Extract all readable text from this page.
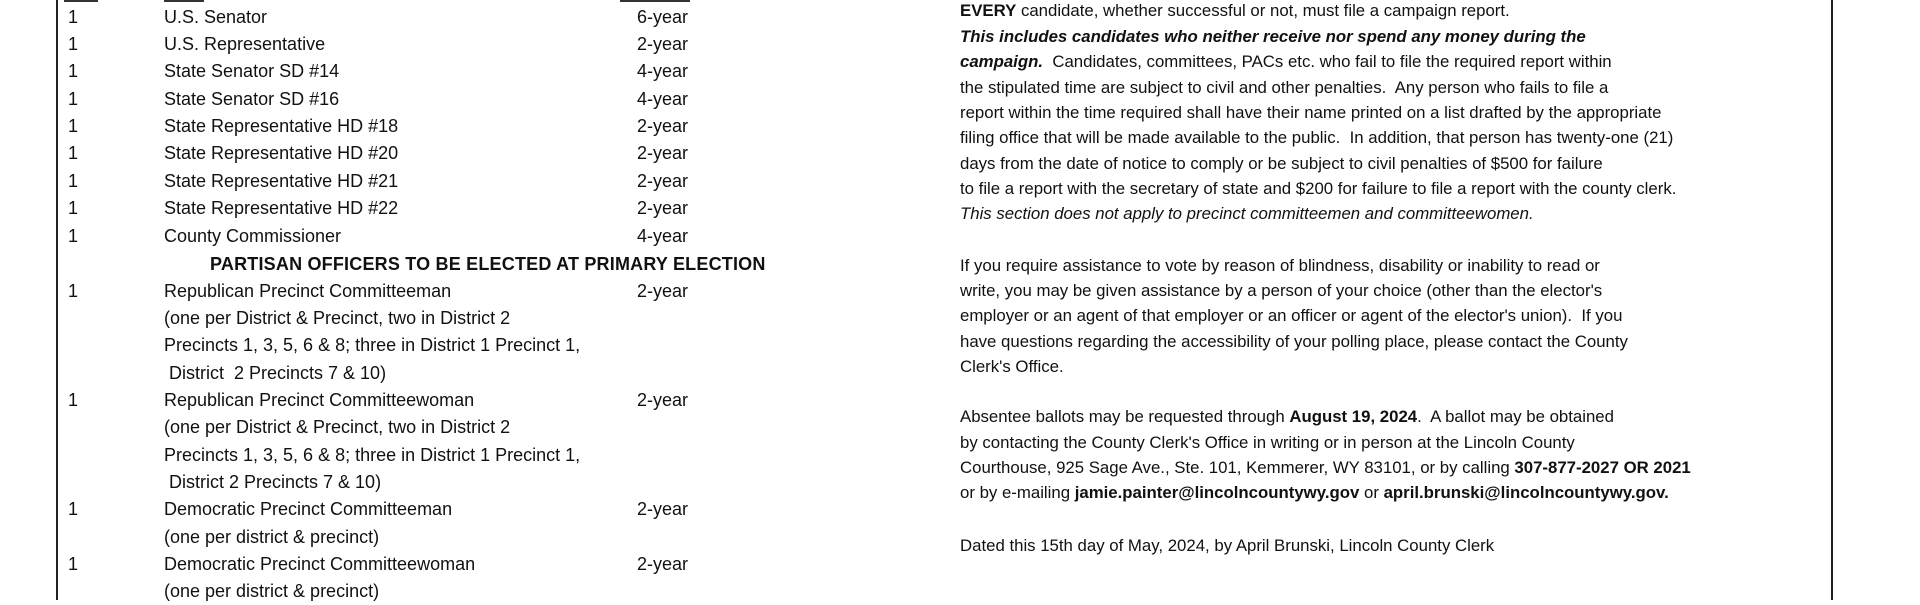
1	U.S. Senator	6-year
1	U.S. Representative	2-year
1	State Senator SD #14	4-year
1	State Senator SD #16	4-year
1	State Representative HD #18	2-year
1	State Representative HD #20	2-year
1	State Representative HD #21	2-year
1	State Representative HD #22	2-year
1	County Commissioner	4-year
PARTISAN OFFICERS TO BE ELECTED AT PRIMARY ELECTION
1	Republican Precinct Committeeman	2-year
(one per District & Precinct, two in District 2
Precincts 1, 3, 5, 6 & 8; three in District 1 Precinct 1,
District  2 Precincts 7 & 10)
1	Republican Precinct Committeewoman	2-year
(one per District & Precinct, two in District 2
Precincts 1, 3, 5, 6 & 8; three in District 1 Precinct 1,
District 2 Precincts 7 & 10)
1	Democratic Precinct Committeeman	2-year
(one per district & precinct)
1	Democratic Precinct Committeewoman	2-year
(one per district & precinct)
EVERY candidate, whether successful or not, must file a campaign report.
This includes candidates who neither receive nor spend any money during the
campaign.  Candidates, committees, PACs etc. who fail to file the required report within
the stipulated time are subject to civil and other penalties.  Any person who fails to file a
report within the time required shall have their name printed on a list drafted by the appropriate
filing office that will be made available to the public.  In addition, that person has twenty-one (21)
days from the date of notice to comply or be subject to civil penalties of $500 for failure
to file a report with the secretary of state and $200 for failure to file a report with the county clerk.
This section does not apply to precinct committeemen and committeewomen.
If you require assistance to vote by reason of blindness, disability or inability to read or
write, you may be given assistance by a person of your choice (other than the elector's
employer or an agent of that employer or an officer or agent of the elector's union).  If you
have questions regarding the accessibility of your polling place, please contact the County
Clerk's Office.
Absentee ballots may be requested through August 19, 2024.  A ballot may be obtained
by contacting the County Clerk's Office in writing or in person at the Lincoln County
Courthouse, 925 Sage Ave., Ste. 101, Kemmerer, WY 83101, or by calling 307-877-2027 OR 2021
or by e-mailing jamie.painter@lincolncountywy.gov or april.brunski@lincolncountywy.gov.
Dated this 15th day of May, 2024, by April Brunski, Lincoln County Clerk
